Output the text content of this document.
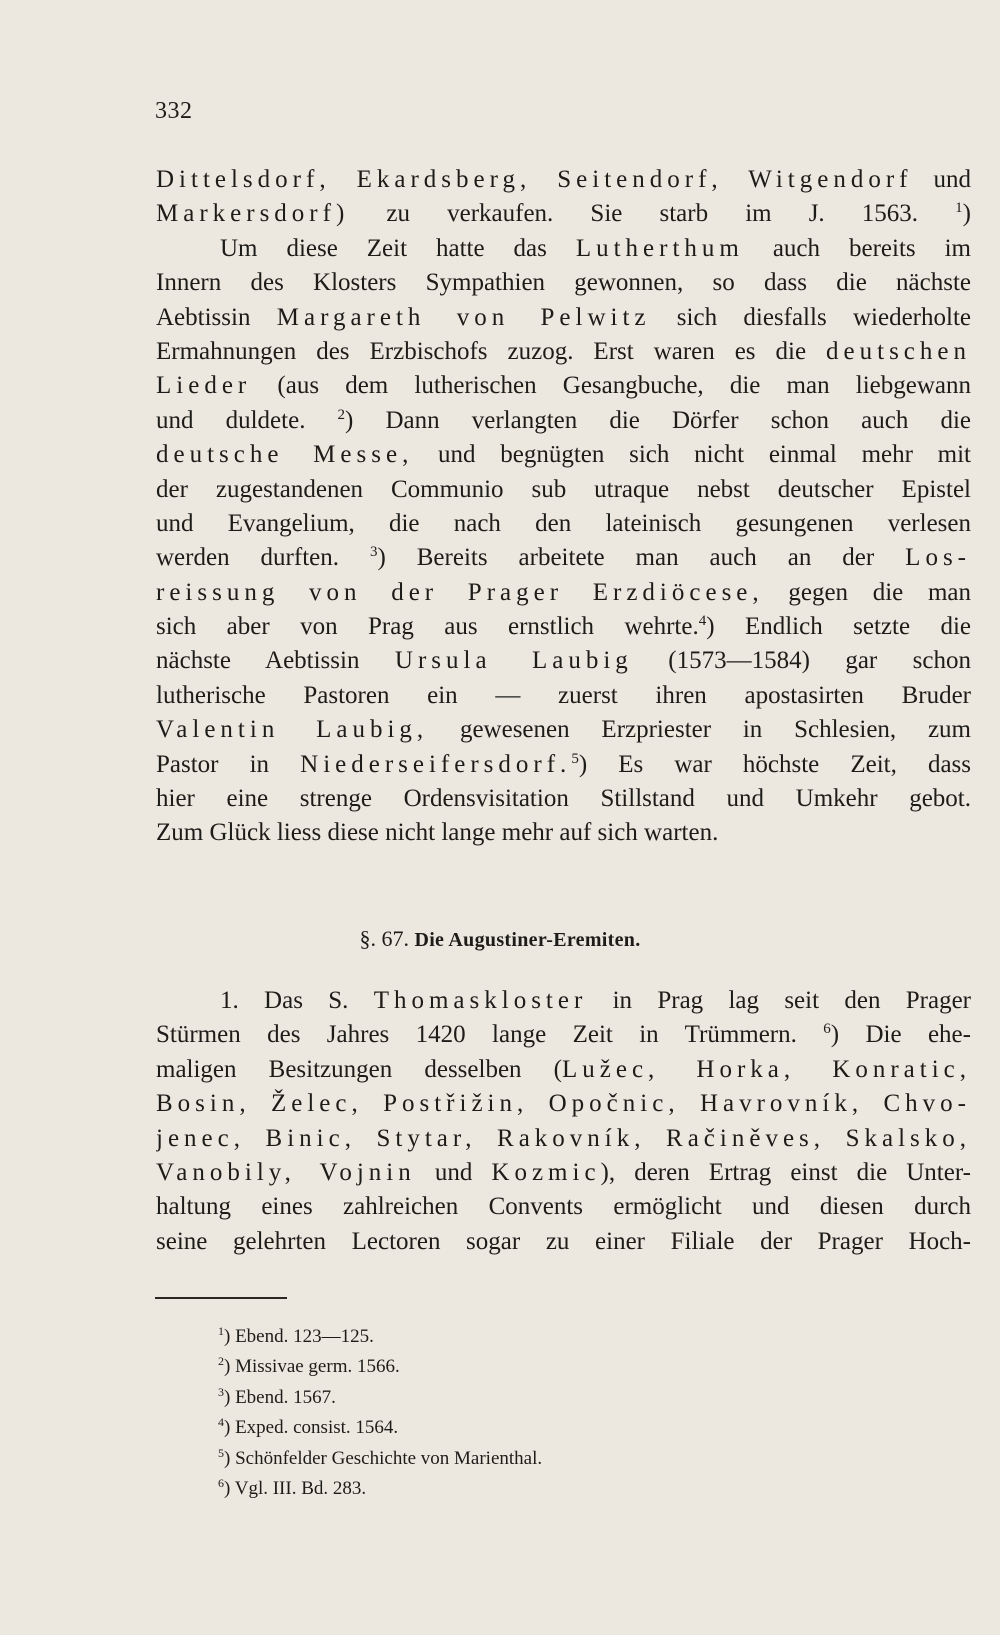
332
Dittelsdorf, Ekardsberg, Seitendorf, Witgendorf und
Markersdorf) zu verkaufen. Sie starb im J. 1563. $^1$)
Um diese Zeit hatte das Lutherthum auch bereits im
Innern des Klosters Sympathien gewonnen, so dass die nächste
Aebtissin Margareth von Pelwitz sich diesfalls wiederholte
Ermahnungen des Erzbischofs zuzog. Erst waren es die deutschen
Lieder (aus dem lutherischen Gesangbuche, die man liebgewann
und duldete. $^2$) Dann verlangten die Dörfer schon auch die
deutsche Messe, und begnügten sich nicht einmal mehr mit
der zugestandenen Communio sub utraque nebst deutscher Epistel
und Evangelium, die nach den lateinisch gesungenen verlesen
werden durften. $^3$) Bereits arbeitete man auch an der Los-
reissung von der Prager Erzdiöcese, gegen die man
sich aber von Prag aus ernstlich wehrte.$^4$) Endlich setzte die
nächste Aebtissin Ursula Laubig (1573—1584) gar schon
lutherische Pastoren ein — zuerst ihren apostasirten Bruder
Valentin Laubig, gewesenen Erzpriester in Schlesien, zum
Pastor in Niederseifersdorf.$^5$) Es war höchste Zeit, dass
hier eine strenge Ordensvisitation Stillstand und Umkehr gebot.
Zum Glück liess diese nicht lange mehr auf sich warten.
§. 67. Die Augustiner-Eremiten.
1. Das S. Thomaskloster in Prag lag seit den Prager
Stürmen des Jahres 1420 lange Zeit in Trümmern. $^6$) Die ehe-
maligen Besitzungen desselben (Lužec, Horka, Konratic,
Bosin, Želec, Postřižin, Opočnic, Havrovník, Chvo-
jenec, Binic, Stytar, Rakovník, Račiněves, Skalsko,
Vanobily, Vojnin und Kozmic), deren Ertrag einst die Unter-
haltung eines zahlreichen Convents ermöglicht und diesen durch
seine gelehrten Lectoren sogar zu einer Filiale der Prager Hoch-
$^1$) Ebend. 123—125.
$^2$) Missivae germ. 1566.
$^3$) Ebend. 1567.
$^4$) Exped. consist. 1564.
$^5$) Schönfelder Geschichte von Marienthal.
$^6$) Vgl. III. Bd. 283.
